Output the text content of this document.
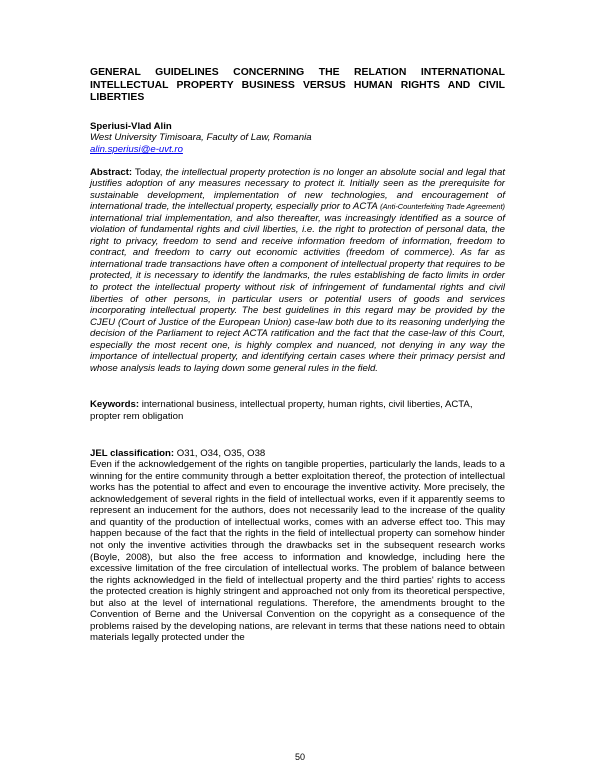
GENERAL GUIDELINES CONCERNING THE RELATION INTERNATIONAL INTELLECTUAL PROPERTY BUSINESS VERSUS HUMAN RIGHTS AND CIVIL LIBERTIES
Speriusi-Vlad Alin
West University Timisoara, Faculty of Law, Romania
alin.speriusi@e-uvt.ro
Abstract: Today, the intellectual property protection is no longer an absolute social and legal that justifies adoption of any measures necessary to protect it. Initially seen as the prerequisite for sustainable development, implementation of new technologies, and encouragement of international trade, the intellectual property, especially prior to ACTA (Anti-Counterfeiting Trade Agreement) international trial implementation, and also thereafter, was increasingly identified as a source of violation of fundamental rights and civil liberties, i.e. the right to protection of personal data, the right to privacy, freedom to send and receive information freedom of information, freedom to contract, and freedom to carry out economic activities (freedom of commerce). As far as international trade transactions have often a component of intellectual property that requires to be protected, it is necessary to identify the landmarks, the rules establishing de facto limits in order to protect the intellectual property without risk of infringement of fundamental rights and civil liberties of other persons, in particular users or potential users of goods and services incorporating intellectual property. The best guidelines in this regard may be provided by the CJEU (Court of Justice of the European Union) case-law both due to its reasoning underlying the decision of the Parliament to reject ACTA ratification and the fact that the case-law of this Court, especially the most recent one, is highly complex and nuanced, not denying in any way the importance of intellectual property, and identifying certain cases where their primacy persist and whose analysis leads to laying down some general rules in the field.
Keywords: international business, intellectual property, human rights, civil liberties, ACTA, propter rem obligation
JEL classification: O31, O34, O35, O38

Even if the acknowledgement of the rights on tangible properties, particularly the lands, leads to a winning for the entire community through a better exploitation thereof, the protection of intellectual works has the potential to affect and even to encourage the inventive activity. More precisely, the acknowledgement of several rights in the field of intellectual works, even if it apparently seems to represent an inducement for the authors, does not necessarily lead to the increase of the quality and quantity of the production of intellectual works, comes with an adverse effect too. This may happen because of the fact that the rights in the field of intellectual property can somehow hinder not only the inventive activities through the drawbacks set in the subsequent research works (Boyle, 2008), but also the free access to information and knowledge, including here the excessive limitation of the free circulation of intellectual works. The problem of balance between the rights acknowledged in the field of intellectual property and the third parties' rights to access the protected creation is highly stringent and approached not only from its theoretical perspective, but also at the level of international regulations. Therefore, the amendments brought to the Convention of Berne and the Universal Convention on the copyright as a consequence of the problems raised by the developing nations, are relevant in terms that these nations need to obtain materials legally protected under the

50
